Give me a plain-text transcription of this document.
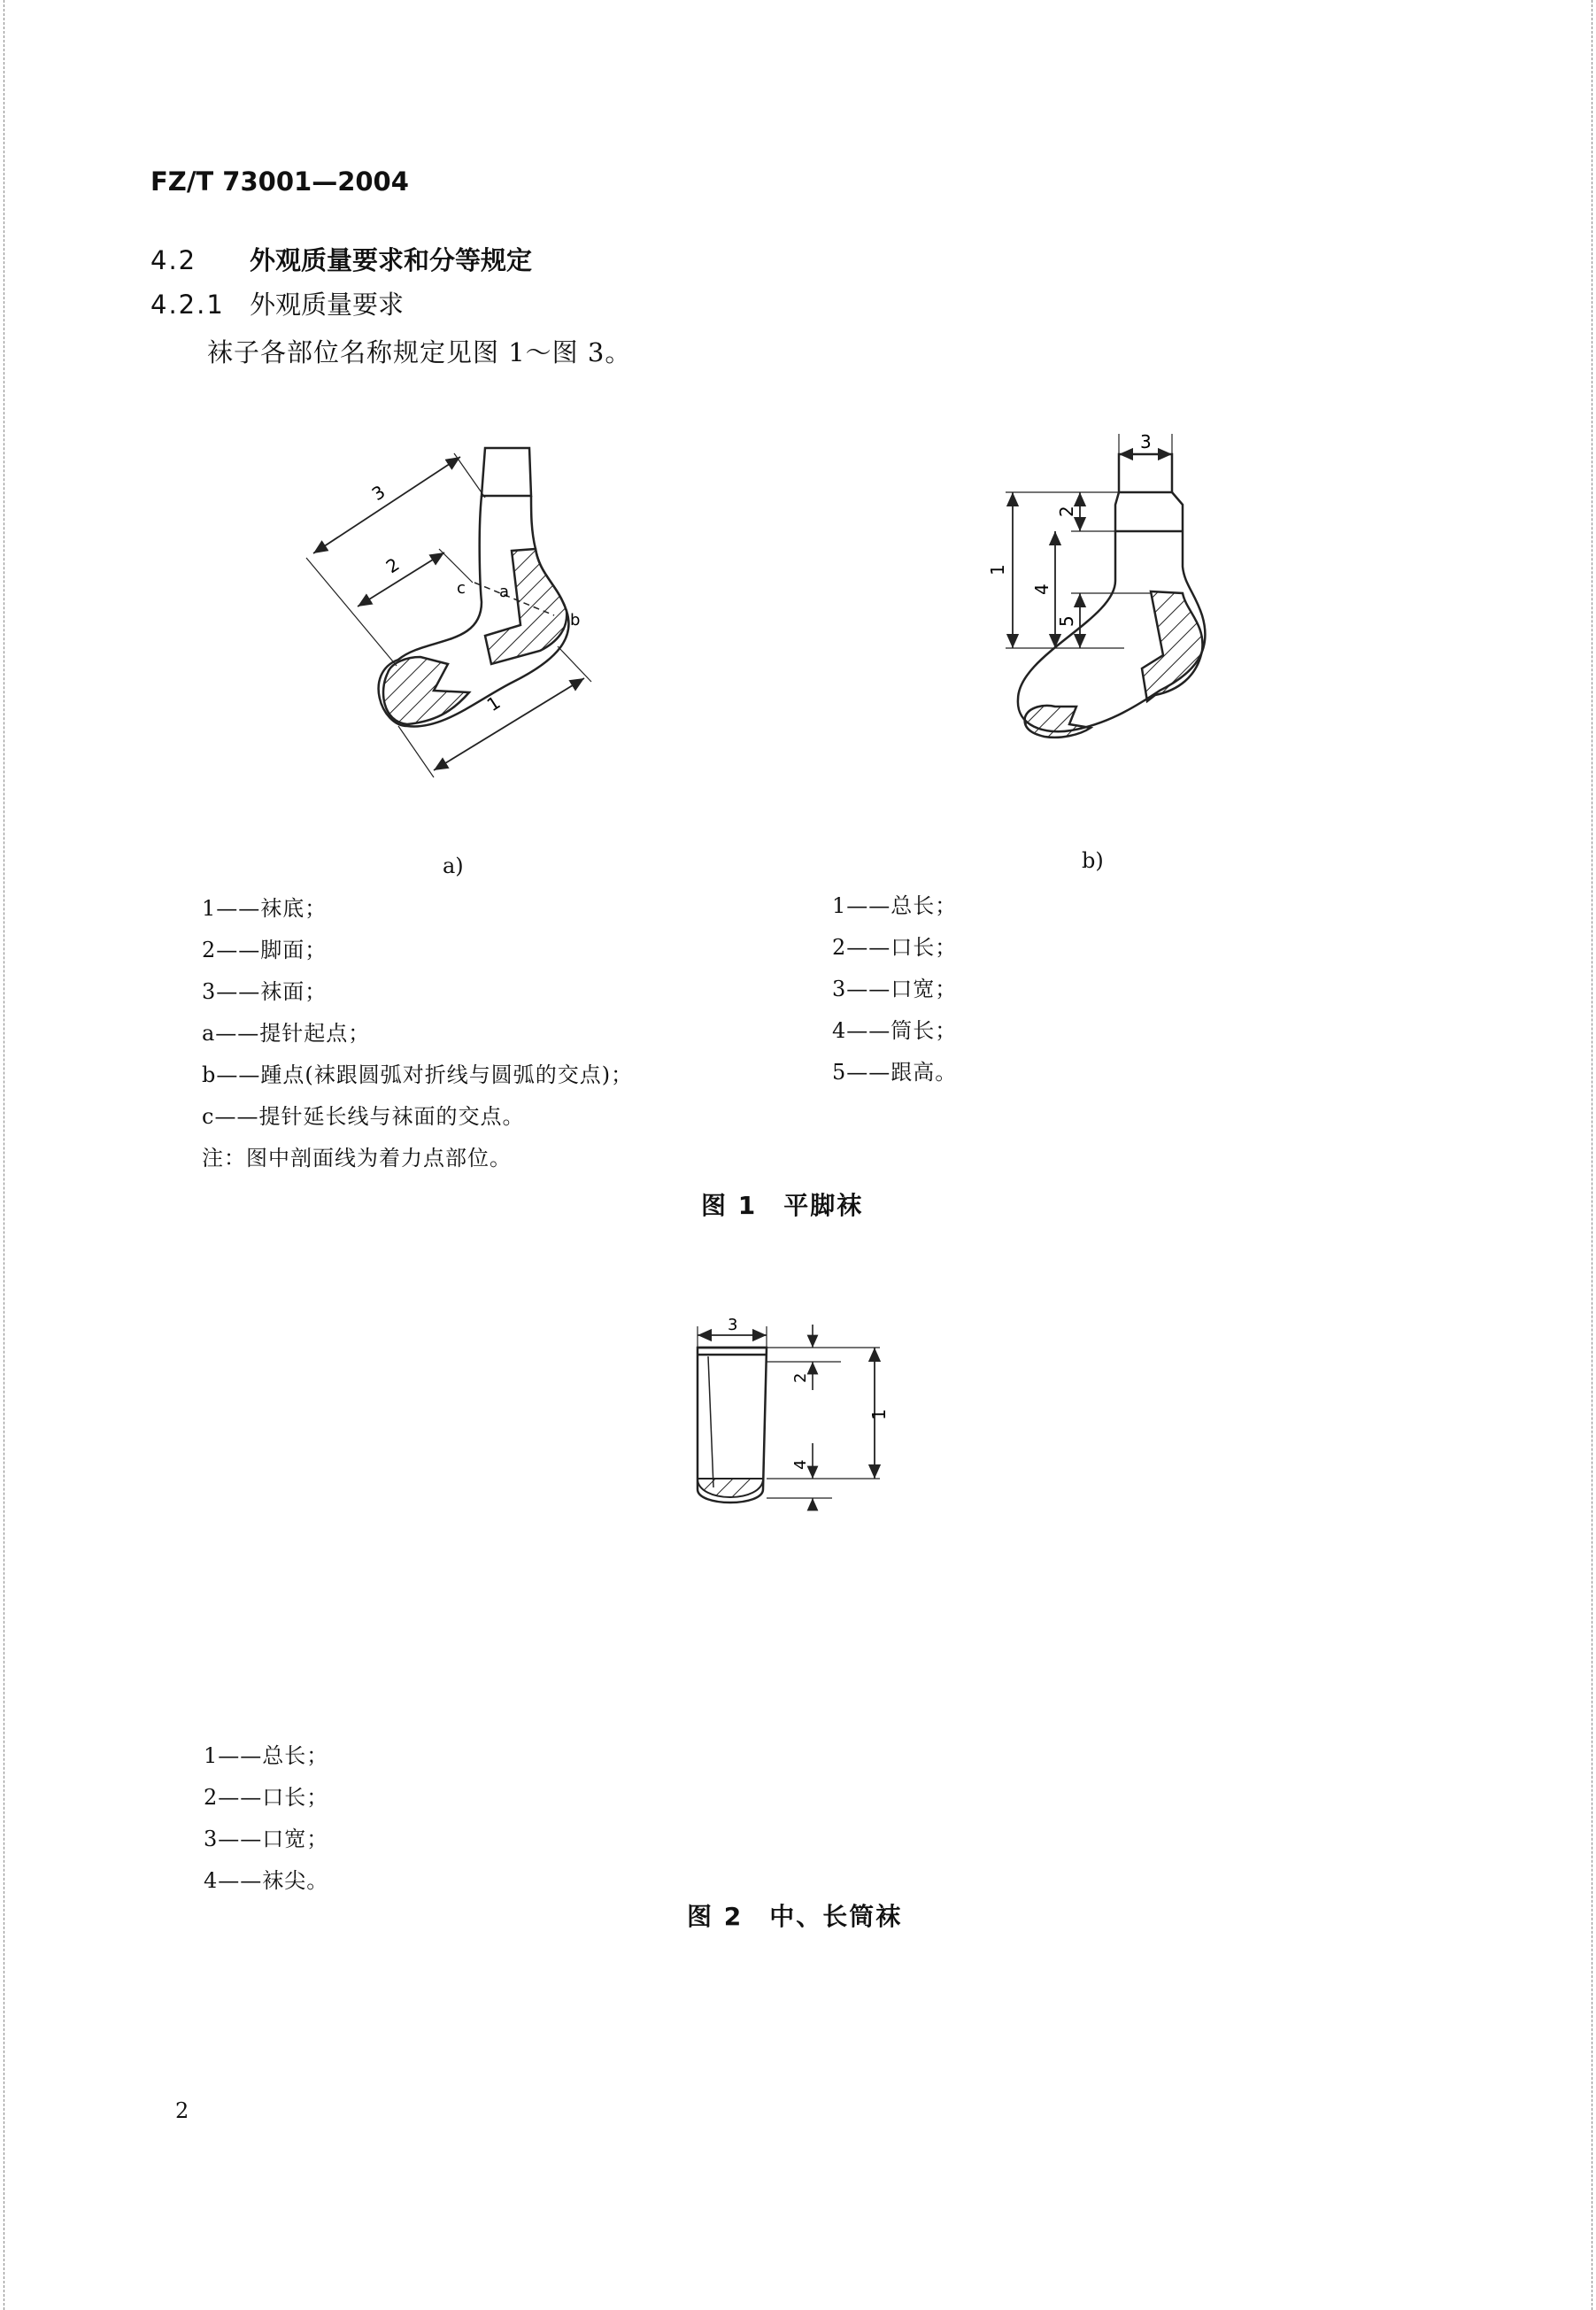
FZ/T 73001—2004
4.2 外观质量要求和分等规定
4.2.1 外观质量要求
袜子各部位名称规定见图 1～图 3。
3
2
1
a
b
c
a)
3
1
2
4
5
b)
1——袜底；
2——脚面；
3——袜面；
a——提针起点；
b——踵点(袜跟圆弧对折线与圆弧的交点)；
c——提针延长线与袜面的交点。
注：图中剖面线为着力点部位。
1——总长；
2——口长；
3——口宽；
4——筒长；
5——跟高。
图 1　平脚袜
3
1
2
4
1——总长；
2——口长；
3——口宽；
4——袜尖。
图 2　中、长筒袜
2
